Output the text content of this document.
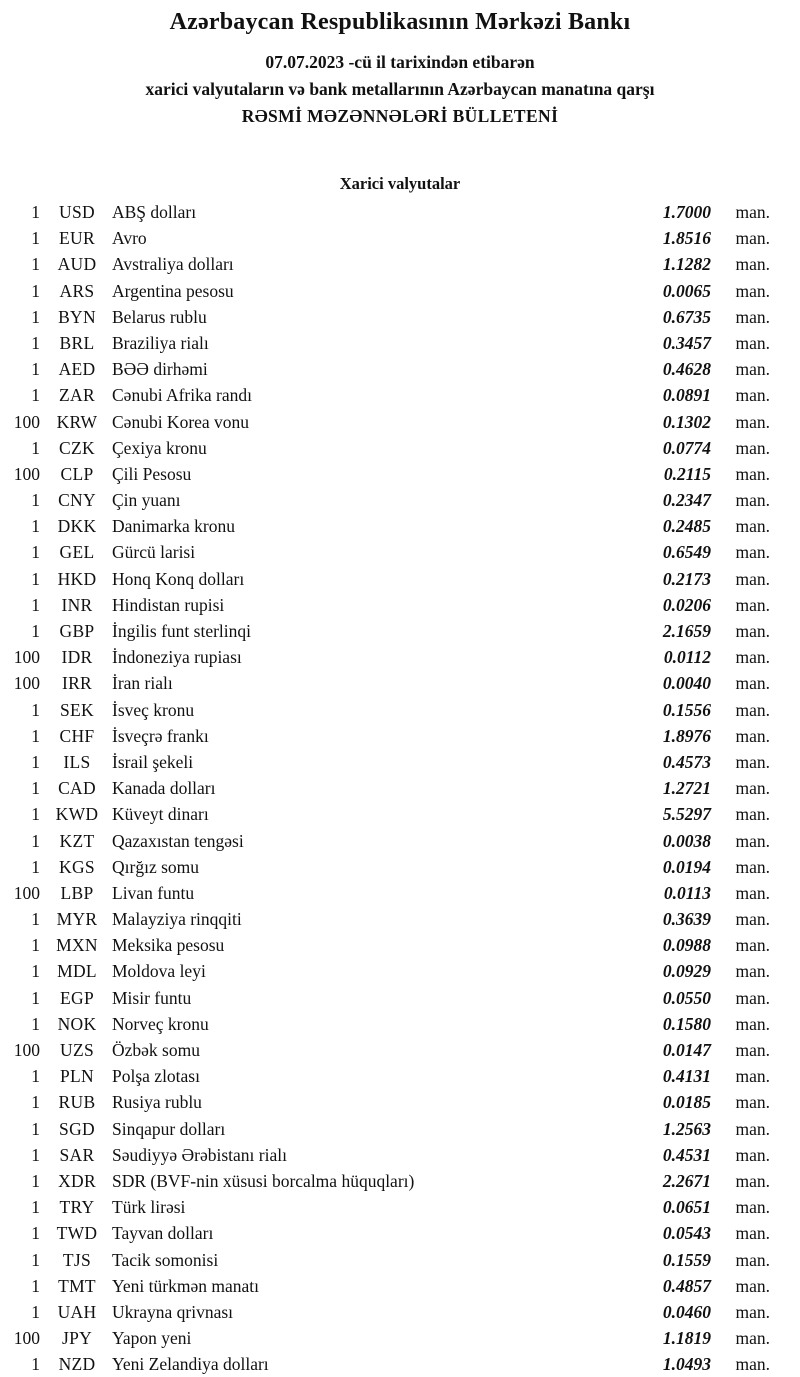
Azərbaycan Respublikasının Mərkəzi Bankı
07.07.2023 -cü il tarixindən etibarən
xarici valyutaların və bank metallarının Azərbaycan manatına qarşı
RƏSMİ MƏZƏNNƏLƏRİ BÜLLETENİ
Xarici valyutalar
1	USD ABŞ dolları	1.7000	man.
1	EUR Avro	1.8516	man.
1	AUD Avstraliya dolları	1.1282	man.
1	ARS	Argentina pesosu	0.0065	man.
1	BYN Belarus rublu	0.6735	man.
1	BRL	Braziliya rialı	0.3457	man.
1	AED BƏƏ dirhəmi	0.4628	man.
1	ZAR Cənubi Afrika randı	0.0891	man.
100 KRW Cənubi Korea vonu	0.1302	man.
1	CZK Çexiya kronu	0.0774	man.
100	CLP	Çili Pesosu	0.2115	man.
1	CNY Çin yuanı	0.2347	man.
1	DKK Danimarka kronu	0.2485	man.
1	GEL	Gürcü larisi	0.6549	man.
1	HKD Honq Konq dolları	0.2173	man.
1	INR	Hindistan rupisi	0.0206	man.
1	GBP	İngilis funt sterlinqi	2.1659	man.
100	IDR	İndoneziya rupiası	0.0112	man.
100	IRR	İran rialı	0.0040	man.
1	SEK	İsveç kronu	0.1556	man.
1	CHF	İsveçrə frankı	1.8976	man.
1	ILS	İsrail şekeli	0.4573	man.
1	CAD Kanada dolları	1.2721	man.
1 KWD Küveyt dinarı	5.5297	man.
1	KZT	Qazaxıstan tengəsi	0.0038	man.
1	KGS Qırğız somu	0.0194	man.
100	LBP	Livan funtu	0.0113	man.
1 MYR Malayziya rinqqiti	0.3639	man.
1 MXN Meksika pesosu	0.0988	man.
1 MDL Moldova leyi	0.0929	man.
1	EGP	Misir funtu	0.0550	man.
1	NOK Norveç kronu	0.1580	man.
100	UZS	Özbək somu	0.0147	man.
1	PLN	Polşa zlotası	0.4131	man.
1	RUB Rusiya rublu	0.0185	man.
1	SGD Sinqapur dolları	1.2563	man.
1	SAR	Səudiyyə Ərəbistanı rialı	0.4531	man.
1	XDR SDR (BVF-nin xüsusi borcalma hüquqları)	2.2671	man.
1	TRY	Türk lirəsi	0.0651	man.
1 TWD Tayvan dolları	0.0543	man.
1	TJS	Tacik somonisi	0.1559	man.
1	TMT Yeni türkmən manatı	0.4857	man.
1	UAH Ukrayna qrivnası	0.0460	man.
100	JPY	Yapon yeni	1.1819	man.
1	NZD Yeni Zelandiya dolları	1.0493	man.
